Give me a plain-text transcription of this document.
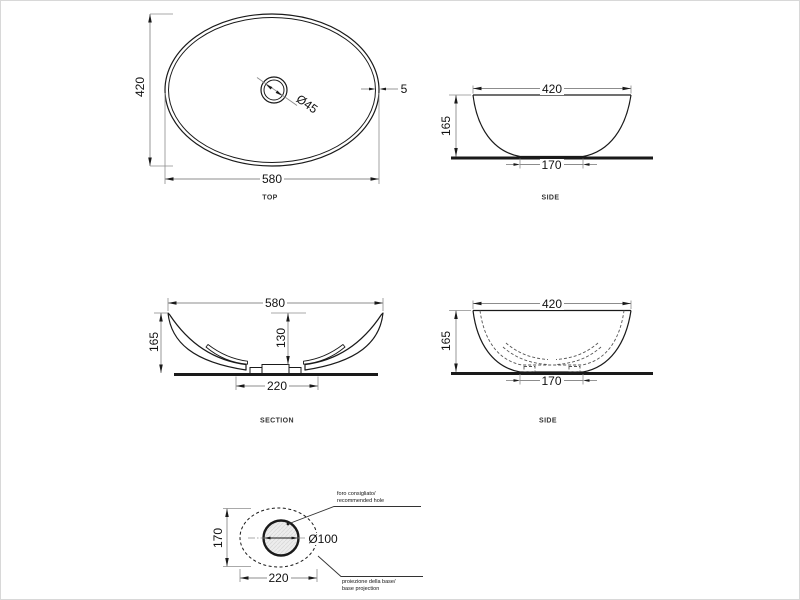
420
580
5
Ø45
TOP
420
165
170
SIDE
580
165	130
220
SECTION
420
165
170
SIDE
Ø100
170
220
foro consigliato/
recommended hole
proiezione della base/
base projection
